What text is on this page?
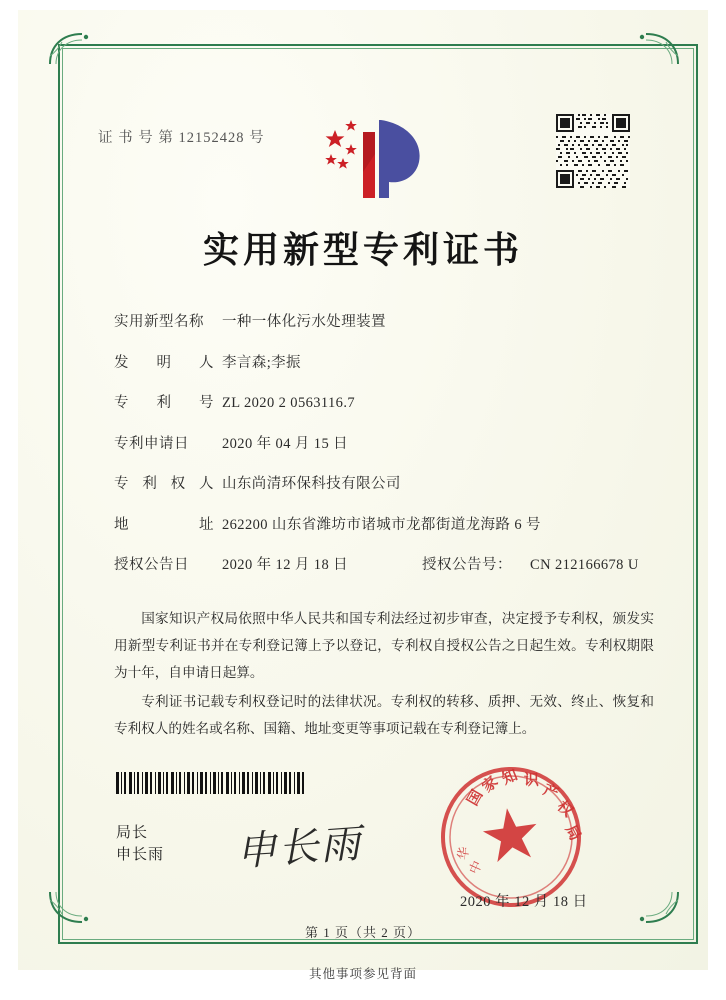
证 书 号 第 12152428 号
实用新型专利证书
实用新型名称	一种一体化污水处理装置
发 明 人 李言森;李振
专 利 号 ZL 2020 2 0563116.7
专利申请日	2020 年 04 月 15 日
专 利 权 人 山东尚清环保科技有限公司
地 址 262200 山东省潍坊市诸城市龙都街道龙海路 6 号
授权公告日	2020 年 12 月 18 日	授权公告号：	CN 212166678 U

国家知识产权局依照中华人民共和国专利法经过初步审查，决定授予专利权，颁发实用新型专利证书并在专利登记簿上予以登记，专利权自授权公告之日起生效。专利权期限为十年，自申请日起算。

专利证书记载专利权登记时的法律状况。专利权的转移、质押、无效、终止、恢复和专利权人的姓名或名称、国籍、地址变更等事项记载在专利登记簿上。

局长
申长雨 申长雨
国
家
知 识
产
权
局
中
华
2020 年 12 月 18 日
第 1 页（共 2 页）
其他事项参见背面
